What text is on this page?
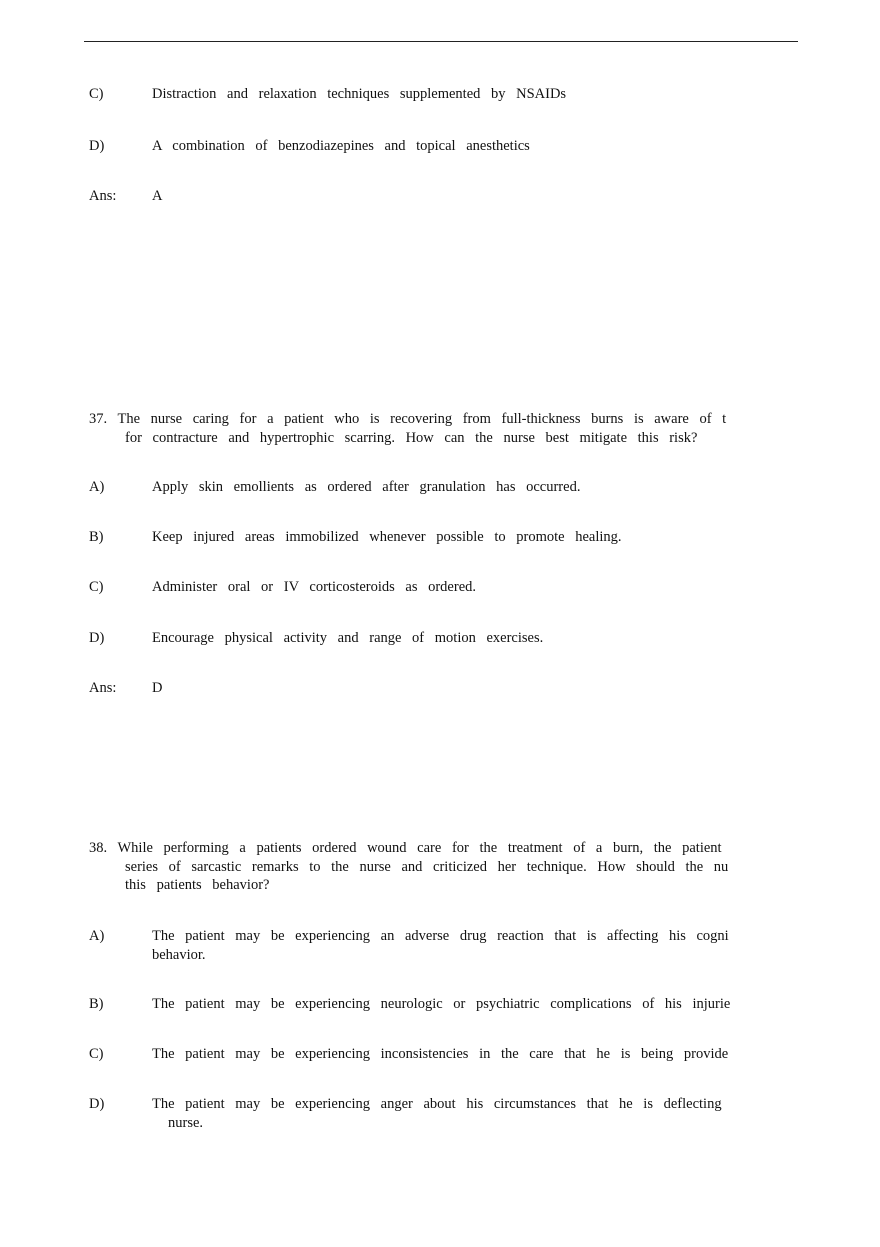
C)	Distraction and relaxation techniques supplemented by NSAIDs
D)	A combination of benzodiazepines and topical anesthetics
Ans: A
37. The nurse caring for a patient who is recovering from full-thickness burns is aware of t
for contracture and hypertrophic scarring. How can the nurse best mitigate this risk?
A)	Apply skin emollients as ordered after granulation has occurred.
B)	Keep injured areas immobilized whenever possible to promote healing.
C)	Administer oral or IV corticosteroids as ordered.
D)	Encourage physical activity and range of motion exercises.
Ans: D
38. While performing a patients ordered wound care for the treatment of a burn, the patient
series of sarcastic remarks to the nurse and criticized her technique. How should the nu
this patients behavior?
A)	The patient may be experiencing an adverse drug reaction that is affecting his cogni
behavior.
B)	The patient may be experiencing neurologic or psychiatric complications of his injurie
C)	The patient may be experiencing inconsistencies in the care that he is being provide
D)	The patient may be experiencing anger about his circumstances that he is deflecting
nurse.
